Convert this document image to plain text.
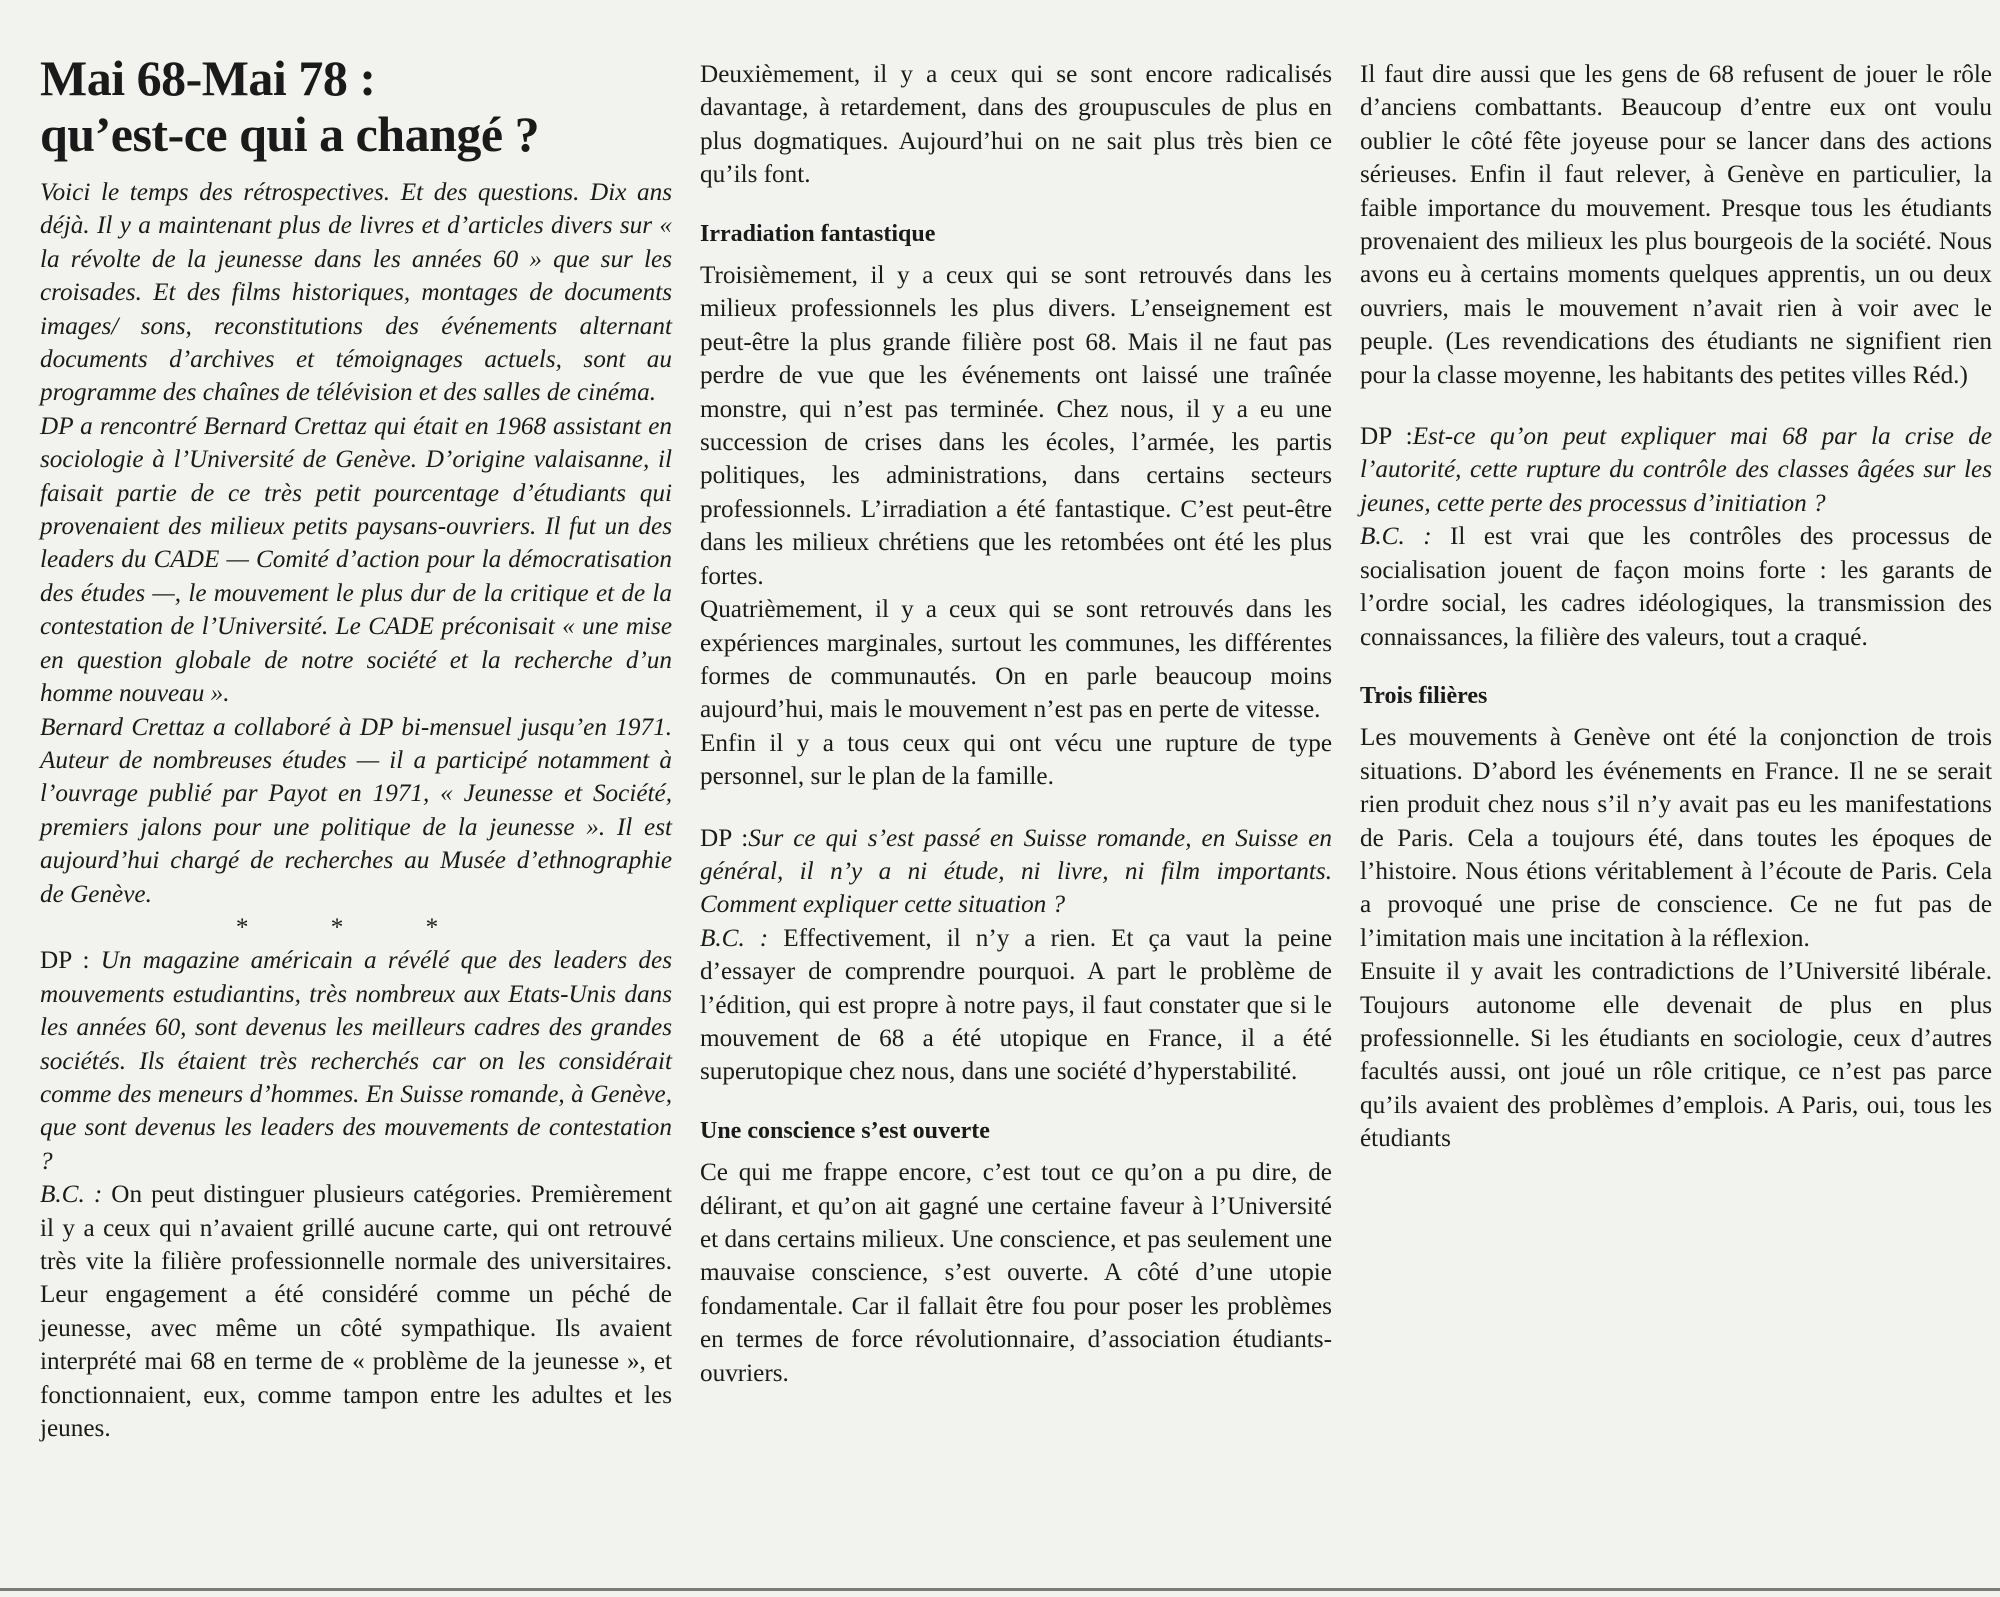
Mai 68-Mai 78 :
qu’est-ce qui a changé ?

Voici le temps des rétrospectives. Et des questions. Dix ans déjà. Il y a maintenant plus de livres et d’articles divers sur « la révolte de la jeunesse dans les années 60 » que sur les croisades. Et des films historiques, montages de documents images/ sons, reconstitutions des événements alternant documents d’archives et témoignages actuels, sont au programme des chaînes de télévision et des salles de cinéma.

DP a rencontré Bernard Crettaz qui était en 1968 assistant en sociologie à l’Université de Genève. D’origine valaisanne, il faisait partie de ce très petit pourcentage d’étudiants qui provenaient des milieux petits paysans-ouvriers. Il fut un des leaders du CADE — Comité d’action pour la démocratisation des études —, le mouvement le plus dur de la critique et de la contestation de l’Université. Le CADE préconisait « une mise en question globale de notre société et la recherche d’un homme nouveau ».

Bernard Crettaz a collaboré à DP bi-mensuel jusqu’en 1971. Auteur de nombreuses études — il a participé notamment à l’ouvrage publié par Payot en 1971, « Jeunesse et Société, premiers jalons pour une politique de la jeunesse ». Il est aujourd’hui chargé de recherches au Musée d’ethnographie de Genève.

* * *

DP : Un magazine américain a révélé que des leaders des mouvements estudiantins, très nombreux aux Etats-Unis dans les années 60, sont devenus les meilleurs cadres des grandes sociétés. Ils étaient très recherchés car on les considérait comme des meneurs d’hommes. En Suisse romande, à Genève, que sont devenus les leaders des mouvements de contestation ?

B.C. : On peut distinguer plusieurs catégories. Premièrement il y a ceux qui n’avaient grillé aucune carte, qui ont retrouvé très vite la filière professionnelle normale des universitaires. Leur engagement a été considéré comme un péché de jeunesse, avec même un côté sympathique. Ils avaient interprété mai 68 en terme de « problème de la jeunesse », et fonctionnaient, eux, comme tampon entre les adultes et les jeunes.

Deuxièmement, il y a ceux qui se sont encore radicalisés davantage, à retardement, dans des groupuscules de plus en plus dogmatiques. Aujourd’hui on ne sait plus très bien ce qu’ils font.

Irradiation fantastique

Troisièmement, il y a ceux qui se sont retrouvés dans les milieux professionnels les plus divers. L’enseignement est peut-être la plus grande filière post 68. Mais il ne faut pas perdre de vue que les événements ont laissé une traînée monstre, qui n’est pas terminée. Chez nous, il y a eu une succession de crises dans les écoles, l’armée, les partis politiques, les administrations, dans certains secteurs professionnels. L’irradiation a été fantastique. C’est peut-être dans les milieux chrétiens que les retombées ont été les plus fortes.

Quatrièmement, il y a ceux qui se sont retrouvés dans les expériences marginales, surtout les communes, les différentes formes de communautés. On en parle beaucoup moins aujourd’hui, mais le mouvement n’est pas en perte de vitesse.

Enfin il y a tous ceux qui ont vécu une rupture de type personnel, sur le plan de la famille.

DP :Sur ce qui s’est passé en Suisse romande, en Suisse en général, il n’y a ni étude, ni livre, ni film importants. Comment expliquer cette situation ?

B.C. : Effectivement, il n’y a rien. Et ça vaut la peine d’essayer de comprendre pourquoi. A part le problème de l’édition, qui est propre à notre pays, il faut constater que si le mouvement de 68 a été utopique en France, il a été superutopique chez nous, dans une société d’hyperstabilité.

Une conscience s’est ouverte

Ce qui me frappe encore, c’est tout ce qu’on a pu dire, de délirant, et qu’on ait gagné une certaine faveur à l’Université et dans certains milieux. Une conscience, et pas seulement une mauvaise conscience, s’est ouverte. A côté d’une utopie fondamentale. Car il fallait être fou pour poser les problèmes en termes de force révolutionnaire, d’association étudiants-ouvriers.

Il faut dire aussi que les gens de 68 refusent de jouer le rôle d’anciens combattants. Beaucoup d’entre eux ont voulu oublier le côté fête joyeuse pour se lancer dans des actions sérieuses. Enfin il faut relever, à Genève en particulier, la faible importance du mouvement. Presque tous les étudiants provenaient des milieux les plus bourgeois de la société. Nous avons eu à certains moments quelques apprentis, un ou deux ouvriers, mais le mouvement n’avait rien à voir avec le peuple. (Les revendications des étudiants ne signifient rien pour la classe moyenne, les habitants des petites villes Réd.)

DP :Est-ce qu’on peut expliquer mai 68 par la crise de l’autorité, cette rupture du contrôle des classes âgées sur les jeunes, cette perte des processus d’initiation ?

B.C. : Il est vrai que les contrôles des processus de socialisation jouent de façon moins forte : les garants de l’ordre social, les cadres idéologiques, la transmission des connaissances, la filière des valeurs, tout a craqué.

Trois filières

Les mouvements à Genève ont été la conjonction de trois situations. D’abord les événements en France. Il ne se serait rien produit chez nous s’il n’y avait pas eu les manifestations de Paris. Cela a toujours été, dans toutes les époques de l’histoire. Nous étions véritablement à l’écoute de Paris. Cela a provoqué une prise de conscience. Ce ne fut pas de l’imitation mais une incitation à la réflexion.

Ensuite il y avait les contradictions de l’Université libérale. Toujours autonome elle devenait de plus en plus professionnelle. Si les étudiants en sociologie, ceux d’autres facultés aussi, ont joué un rôle critique, ce n’est pas parce qu’ils avaient des problèmes d’emplois. A Paris, oui, tous les étudiants
